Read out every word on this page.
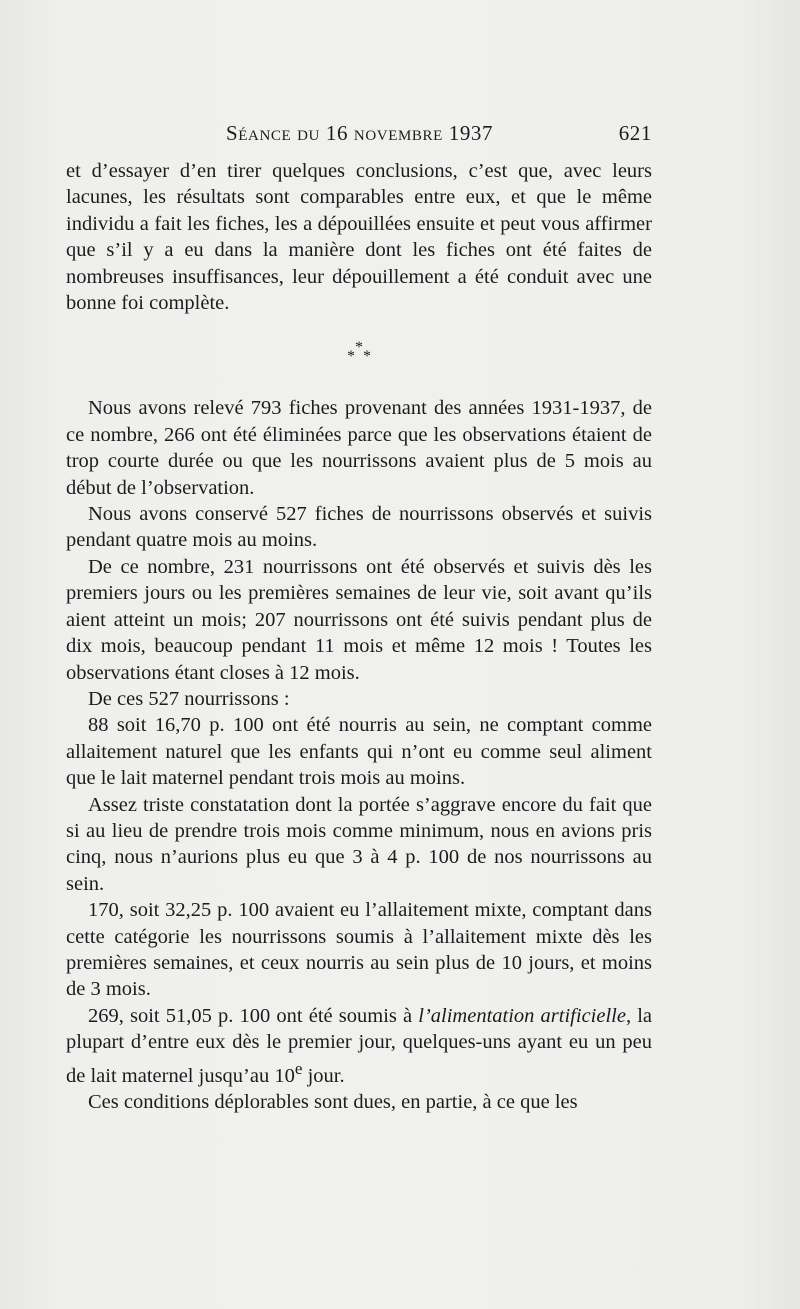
Séance du 16 novembre 1937	621

et d’essayer d’en tirer quelques conclusions, c’est que, avec leurs lacunes, les résultats sont comparables entre eux, et que le même individu a fait les fiches, les a dépouillées ensuite et peut vous affirmer que s’il y a eu dans la manière dont les fiches ont été faites de nombreuses insuffisances, leur dépouillement a été conduit avec une bonne foi complète.

*
* *

Nous avons relevé 793 fiches provenant des années 1931-1937, de ce nombre, 266 ont été éliminées parce que les observations étaient de trop courte durée ou que les nourrissons avaient plus de 5 mois au début de l’observation.

Nous avons conservé 527 fiches de nourrissons observés et suivis pendant quatre mois au moins.

De ce nombre, 231 nourrissons ont été observés et suivis dès les premiers jours ou les premières semaines de leur vie, soit avant qu’ils aient atteint un mois; 207 nourrissons ont été suivis pendant plus de dix mois, beaucoup pendant 11 mois et même 12 mois ! Toutes les observations étant closes à 12 mois.

De ces 527 nourrissons :

88 soit 16,70 p. 100 ont été nourris au sein, ne comptant comme allaitement naturel que les enfants qui n’ont eu comme seul aliment que le lait maternel pendant trois mois au moins.

Assez triste constatation dont la portée s’aggrave encore du fait que si au lieu de prendre trois mois comme minimum, nous en avions pris cinq, nous n’aurions plus eu que 3 à 4 p. 100 de nos nourrissons au sein.

170, soit 32,25 p. 100 avaient eu l’allaitement mixte, comptant dans cette catégorie les nourrissons soumis à l’allaitement mixte dès les premières semaines, et ceux nourris au sein plus de 10 jours, et moins de 3 mois.

269, soit 51,05 p. 100 ont été soumis à l’alimentation artificielle, la plupart d’entre eux dès le premier jour, quelques-uns ayant eu un peu de lait maternel jusqu’au 10e jour.

Ces conditions déplorables sont dues, en partie, à ce que les
